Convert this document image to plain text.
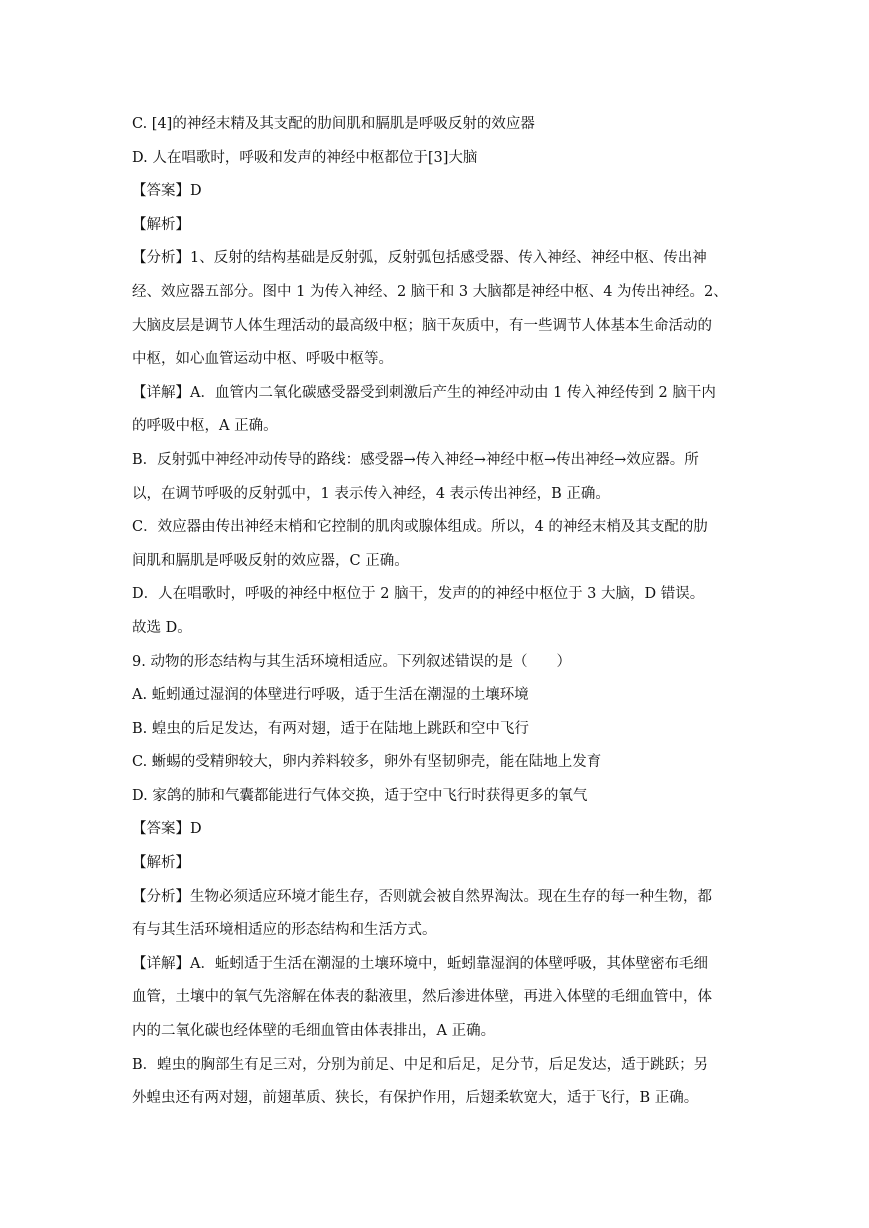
C. [4]的神经末精及其支配的肋间肌和膈肌是呼吸反射的效应器

D. 人在唱歌时，呼吸和发声的神经中枢都位于[3]大脑

【答案】D

【解析】

【分析】1、反射的结构基础是反射弧，反射弧包括感受器、传入神经、神经中枢、传出神

经、效应器五部分。图中 1 为传入神经、2 脑干和 3 大脑都是神经中枢、4 为传出神经。2、

大脑皮层是调节人体生理活动的最高级中枢；脑干灰质中，有一些调节人体基本生命活动的

中枢，如心血管运动中枢、呼吸中枢等。

【详解】A．血管内二氧化碳感受器受到刺激后产生的神经冲动由 1 传入神经传到 2 脑干内

的呼吸中枢，A 正确。

B．反射弧中神经冲动传导的路线：感受器→传入神经→神经中枢→传出神经→效应器。所

以，在调节呼吸的反射弧中，1 表示传入神经，4 表示传出神经，B 正确。

C．效应器由传出神经末梢和它控制的肌肉或腺体组成。所以，4 的神经末梢及其支配的肋

间肌和膈肌是呼吸反射的效应器，C 正确。

D．人在唱歌时，呼吸的神经中枢位于 2 脑干，发声的的神经中枢位于 3 大脑，D 错误。

故选 D。

9. 动物的形态结构与其生活环境相适应。下列叙述错误的是（　　）

A. 蚯蚓通过湿润的体壁进行呼吸，适于生活在潮湿的土壤环境

B. 蝗虫的后足发达，有两对翅，适于在陆地上跳跃和空中飞行

C. 蜥蜴的受精卵较大，卵内养料较多，卵外有坚韧卵壳，能在陆地上发育

D. 家鸽的肺和气囊都能进行气体交换，适于空中飞行时获得更多的氧气

【答案】D

【解析】

【分析】生物必须适应环境才能生存，否则就会被自然界淘汰。现在生存的每一种生物，都

有与其生活环境相适应的形态结构和生活方式。

【详解】A．蚯蚓适于生活在潮湿的土壤环境中，蚯蚓靠湿润的体壁呼吸，其体壁密布毛细

血管，土壤中的氧气先溶解在体表的黏液里，然后渗进体壁，再进入体壁的毛细血管中，体

内的二氧化碳也经体壁的毛细血管由体表排出，A 正确。

B．蝗虫的胸部生有足三对，分别为前足、中足和后足，足分节，后足发达，适于跳跃；另

外蝗虫还有两对翅，前翅革质、狭长，有保护作用，后翅柔软宽大，适于飞行，B 正确。
